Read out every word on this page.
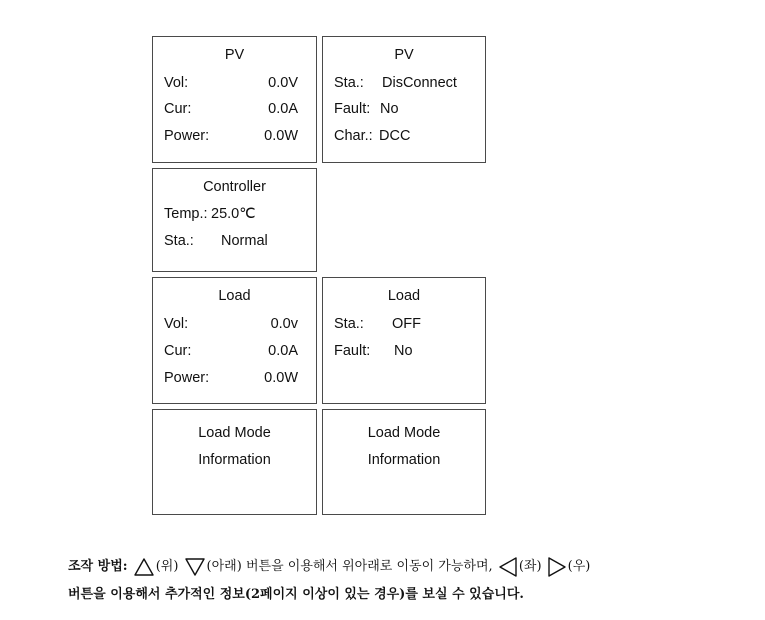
PV
Vol:	0.0V
Cur:	0.0A
Power:	0.0W
PV
Sta.: DisConnect
Fault: No
Char.: DCC
Controller
Temp.: 25.0℃
Sta.: Normal
Load
Vol:	0.0v
Cur:	0.0A
Power:	0.0W
Load
Sta.: OFF
Fault: No
Load Mode
Information
Load Mode
Information
조작 방법: (위) (아래) 버튼을 이용해서 위아래로 이동이 가능하며, (좌) (우)
버튼을 이용해서 추가적인 정보(2페이지 이상이 있는 경우)를 보실 수 있습니다.
